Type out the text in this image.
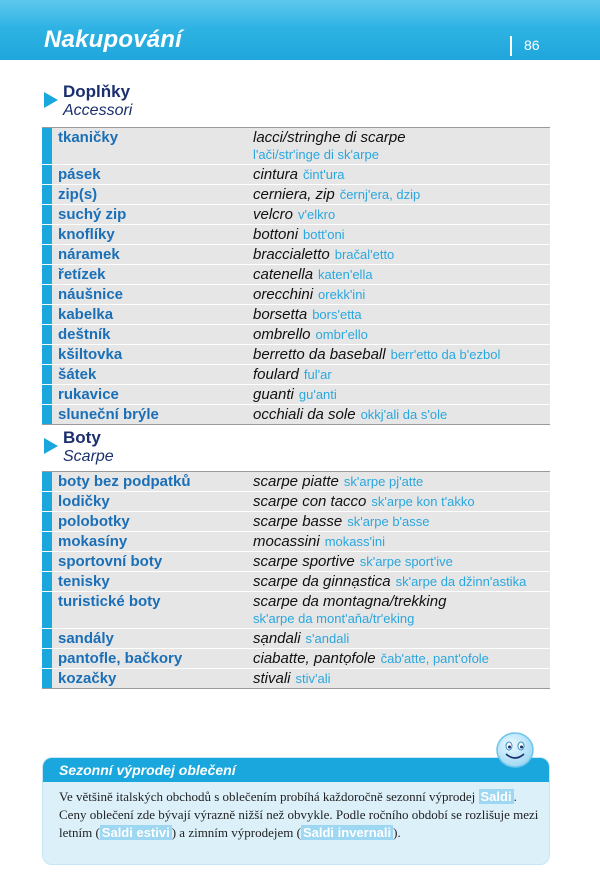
Nakupování	86
Doplňky
Accessori
tkaničky	lacci/stringhe di scarpe
l'ači/str'inge di sk'arpe
pásek	cintura čint'ura
zip(s)	cerniera, zip černj'era, dzip
suchý zip	velcro v'elkro
knoflíky	bottoni bott'oni
náramek	braccialetto bračal'etto
řetízek	catenella katen'ella
náušnice	orecchini orekk'ini
kabelka	borsetta bors'etta
deštník	ombrello ombr'ello
kšiltovka	berretto da baseball berr'etto da b'ezbol
šátek	foulard ful'ar
rukavice	guanti gu'anti
sluneční brýle	occhiali da sole okkj'ali da s'ole
Boty
Scarpe
boty bez podpatků	scarpe piatte sk'arpe pj'atte
lodičky	scarpe con tacco sk'arpe kon t'akko
polobotky	scarpe basse sk'arpe b'asse
mokasíny	mocassini mokass'ini
sportovní boty	scarpe sportive sk'arpe sport'ive
tenisky	scarpe da ginnạstica sk'arpe da džinn'astika
turistické boty	scarpe da montagna/trekking
sk'arpe da mont'aňa/tr'eking
sandály	sạndali s'andali
pantofle, bačkory	ciabatte, pantọfole čab'atte, pant'ofole
kozačky	stivali stiv'ali
Sezonní výprodej oblečení
Ve většině italských obchodů s oblečením probíhá každoročně sezonní výprodej Saldi . Ceny oblečení zde bývají výrazně nižší než obvykle. Podle ročního období se rozlišuje mezi letním ( Saldi estivi ) a zimním výprodejem ( Saldi invernali ).
